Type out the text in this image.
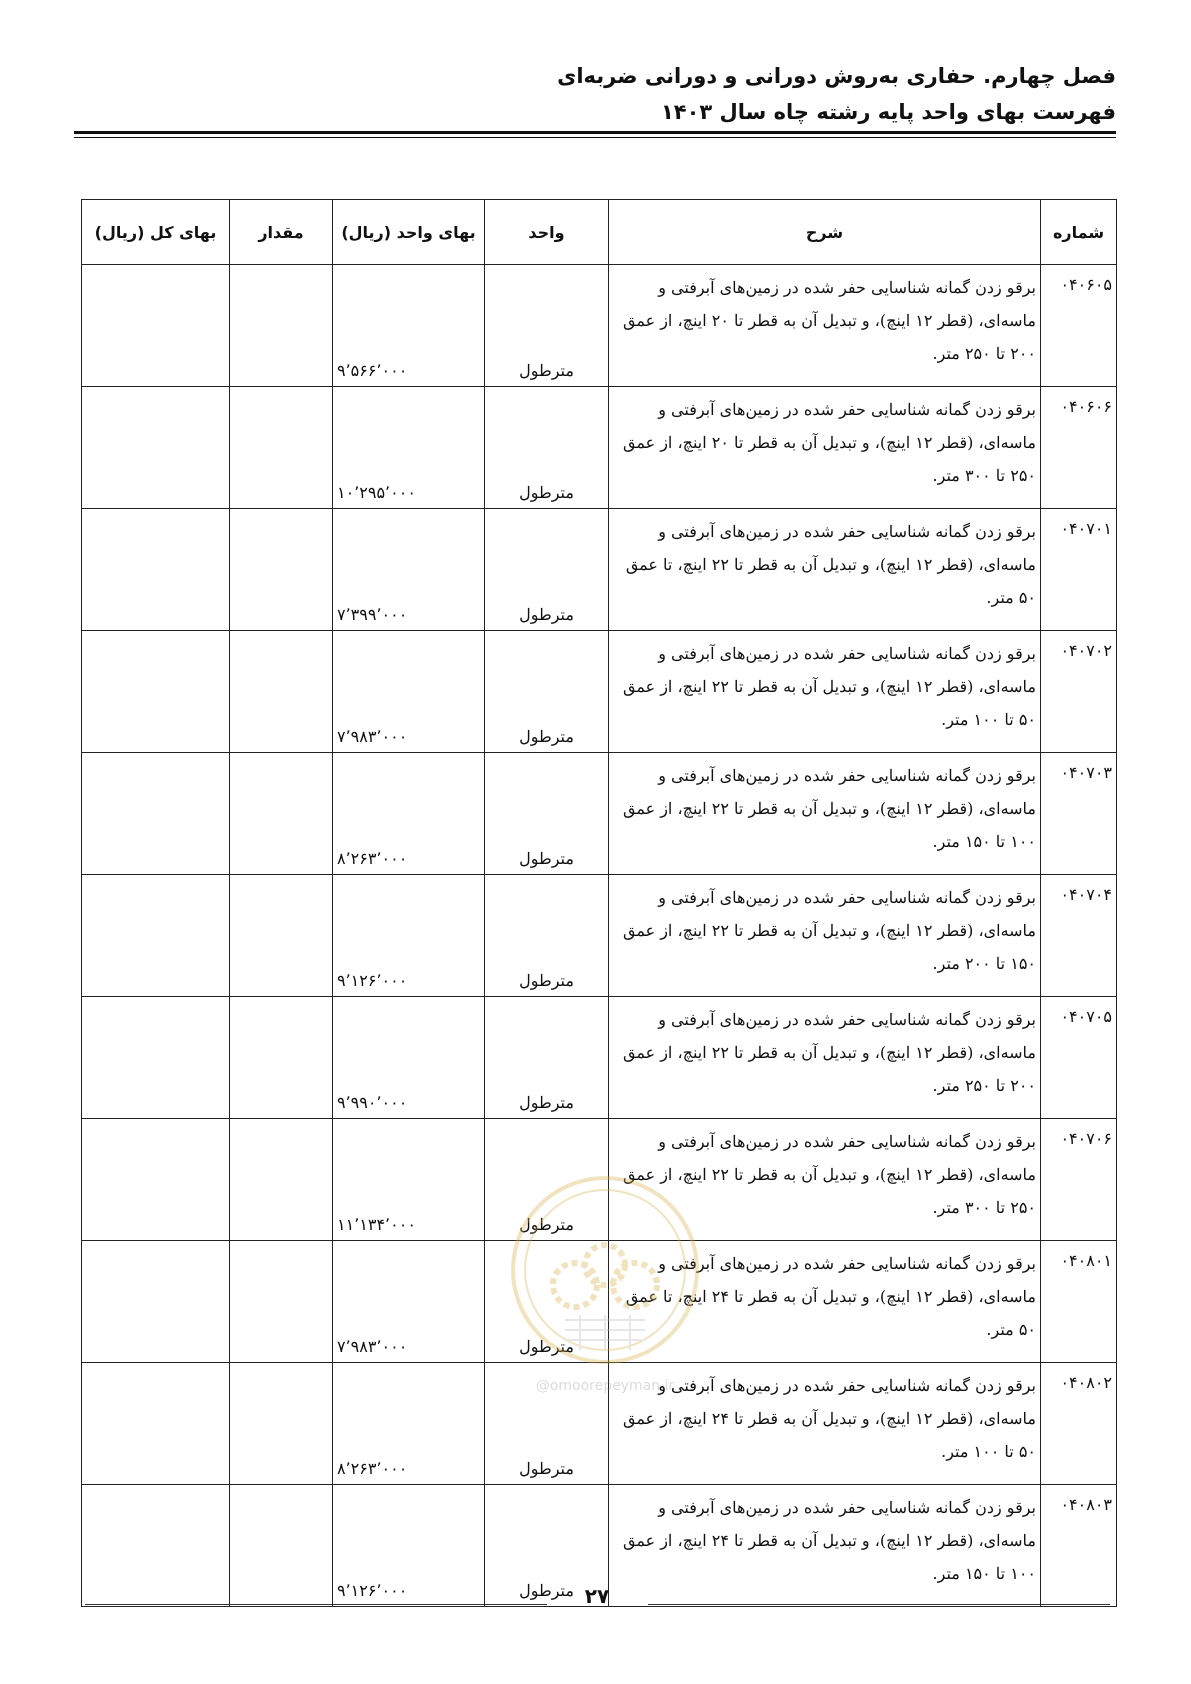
فصل چهارم. حفاری به‌روش دورانی و دورانی ضربه‌ای
فهرست بهای واحد پایه رشته چاه سال ۱۴۰۳
شماره	شرح	واحد	بهای واحد (ریال)	مقدار	بهای کل (ریال)
۰۴۰۶۰۵	برقو زدن گمانه شناسایی حفر شده در زمین‌های آبرفتی و ماسه‌ای، (قطر ۱۲ اینچ)، و تبدیل آن به قطر تا ۲۰ اینچ، از عمق ۲۰۰ تا ۲۵۰ متر.	مترطول	۹٬۵۶۶٬۰۰۰		
۰۴۰۶۰۶	برقو زدن گمانه شناسایی حفر شده در زمین‌های آبرفتی و ماسه‌ای، (قطر ۱۲ اینچ)، و تبدیل آن به قطر تا ۲۰ اینچ، از عمق ۲۵۰ تا ۳۰۰ متر.	مترطول	۱۰٬۲۹۵٬۰۰۰		
۰۴۰۷۰۱	برقو زدن گمانه شناسایی حفر شده در زمین‌های آبرفتی و ماسه‌ای، (قطر ۱۲ اینچ)، و تبدیل آن به قطر تا ۲۲ اینچ، تا عمق ۵۰ متر.	مترطول	۷٬۳۹۹٬۰۰۰		
۰۴۰۷۰۲	برقو زدن گمانه شناسایی حفر شده در زمین‌های آبرفتی و ماسه‌ای، (قطر ۱۲ اینچ)، و تبدیل آن به قطر تا ۲۲ اینچ، از عمق ۵۰ تا ۱۰۰ متر.	مترطول	۷٬۹۸۳٬۰۰۰		
۰۴۰۷۰۳	برقو زدن گمانه شناسایی حفر شده در زمین‌های آبرفتی و ماسه‌ای، (قطر ۱۲ اینچ)، و تبدیل آن به قطر تا ۲۲ اینچ، از عمق ۱۰۰ تا ۱۵۰ متر.	مترطول	۸٬۲۶۳٬۰۰۰		
۰۴۰۷۰۴	برقو زدن گمانه شناسایی حفر شده در زمین‌های آبرفتی و ماسه‌ای، (قطر ۱۲ اینچ)، و تبدیل آن به قطر تا ۲۲ اینچ، از عمق ۱۵۰ تا ۲۰۰ متر.	مترطول	۹٬۱۲۶٬۰۰۰		
۰۴۰۷۰۵	برقو زدن گمانه شناسایی حفر شده در زمین‌های آبرفتی و ماسه‌ای، (قطر ۱۲ اینچ)، و تبدیل آن به قطر تا ۲۲ اینچ، از عمق ۲۰۰ تا ۲۵۰ متر.	مترطول	۹٬۹۹۰٬۰۰۰		
۰۴۰۷۰۶	برقو زدن گمانه شناسایی حفر شده در زمین‌های آبرفتی و ماسه‌ای، (قطر ۱۲ اینچ)، و تبدیل آن به قطر تا ۲۲ اینچ، از عمق ۲۵۰ تا ۳۰۰ متر.	مترطول	۱۱٬۱۳۴٬۰۰۰		
۰۴۰۸۰۱	برقو زدن گمانه شناسایی حفر شده در زمین‌های آبرفتی و ماسه‌ای، (قطر ۱۲ اینچ)، و تبدیل آن به قطر تا ۲۴ اینچ، تا عمق ۵۰ متر.	مترطول	۷٬۹۸۳٬۰۰۰		
۰۴۰۸۰۲	برقو زدن گمانه شناسایی حفر شده در زمین‌های آبرفتی و ماسه‌ای، (قطر ۱۲ اینچ)، و تبدیل آن به قطر تا ۲۴ اینچ، از عمق ۵۰ تا ۱۰۰ متر.	مترطول	۸٬۲۶۳٬۰۰۰		
۰۴۰۸۰۳	برقو زدن گمانه شناسایی حفر شده در زمین‌های آبرفتی و ماسه‌ای، (قطر ۱۲ اینچ)، و تبدیل آن به قطر تا ۲۴ اینچ، از عمق ۱۰۰ تا ۱۵۰ متر.	مترطول	۹٬۱۲۶٬۰۰۰		
@omoorepeyman.ir
۲۷
